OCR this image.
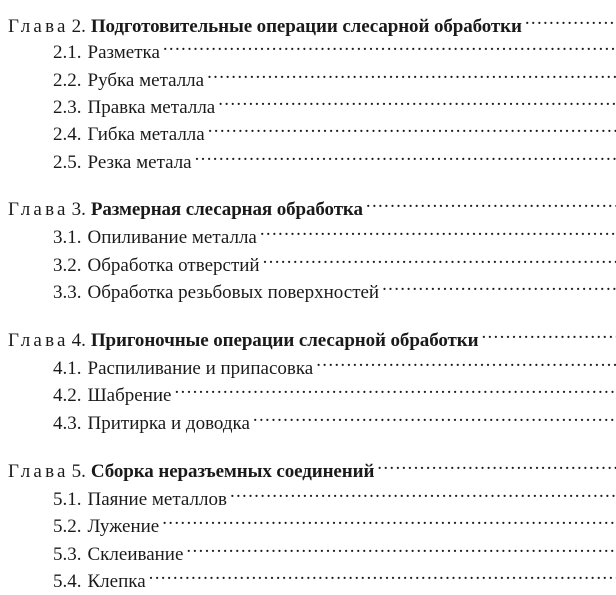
Глава 2. Подготовительные операции слесарной обработки
.....
2.1. Разметка
.....
2.2. Рубка металла
.....
2.3. Правка металла
.....
2.4. Гибка металла
.....
2.5. Резка метала
.....
Глава 3. Размерная слесарная обработка
.....
3.1. Опиливание металла
.....
3.2. Обработка отверстий
.....
3.3. Обработка резьбовых поверхностей
.....
Глава 4. Пригоночные операции слесарной обработки
.....
4.1. Распиливание и припасовка
.....
4.2. Шабрение
.....
4.3. Притирка и доводка
.....
Глава 5. Сборка неразъемных соединений
.....
5.1. Паяние металлов
.....
5.2. Лужение
.....
5.3. Склеивание
.....
5.4. Клепка
.....
